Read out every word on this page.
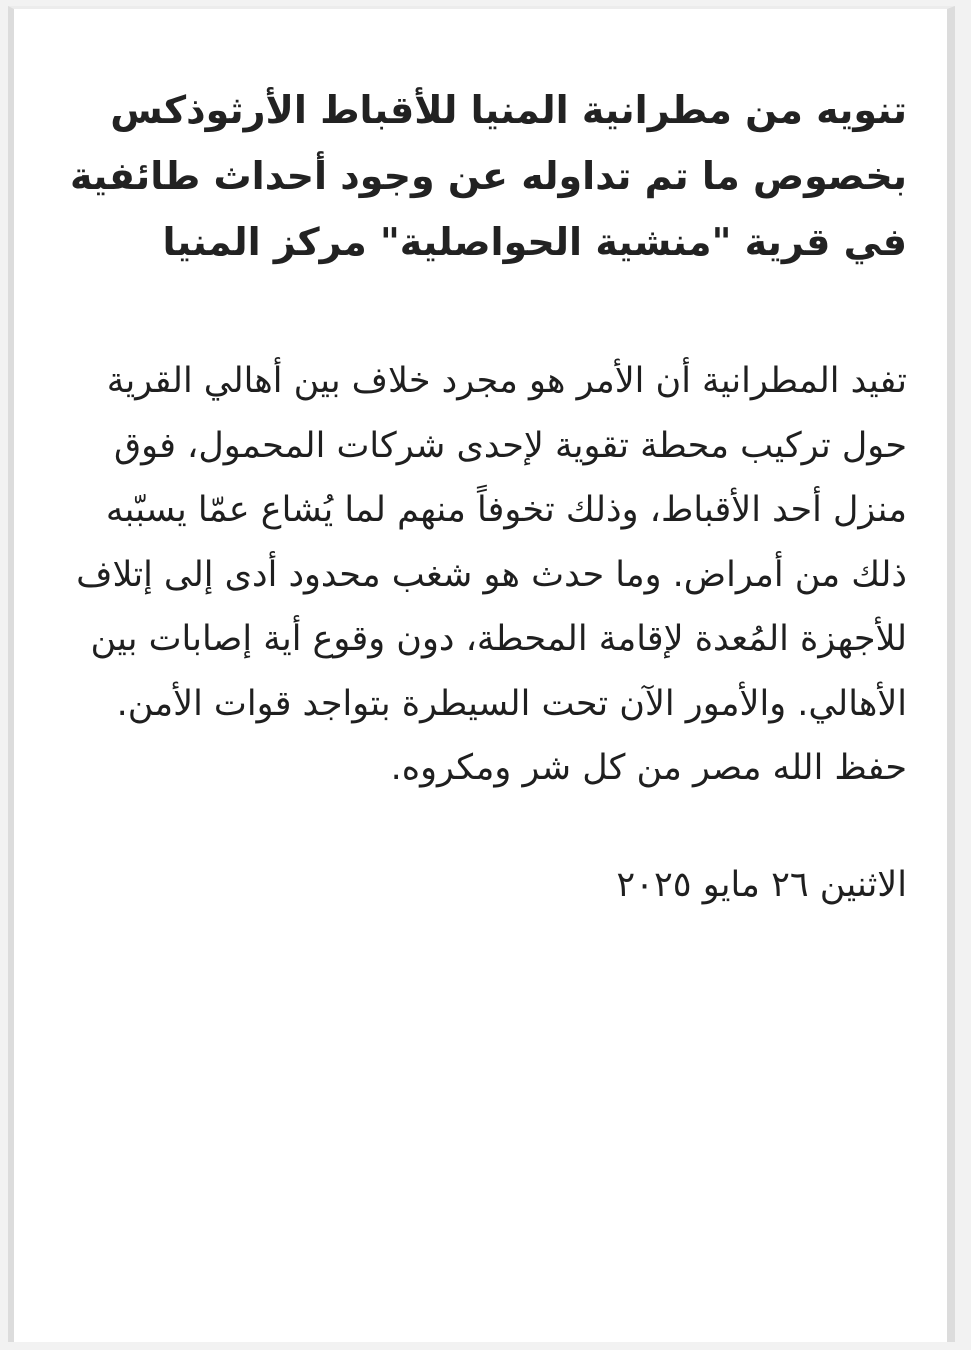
تنويه من مطرانية المنيا للأقباط الأرثوذكس بخصوص ما تم تداوله عن وجود أحداث طائفية في قرية "منشية الحواصلية" مركز المنيا

تفيد المطرانية أن الأمر هو مجرد خلاف بين أهالي القرية حول تركيب محطة تقوية لإحدى شركات المحمول، فوق منزل أحد الأقباط، وذلك تخوفاً منهم لما يُشاع عمّا يسبّبه ذلك من أمراض. وما حدث هو شغب محدود أدى إلى إتلاف للأجهزة المُعدة لإقامة المحطة، دون وقوع أية إصابات بين الأهالي. والأمور الآن تحت السيطرة بتواجد قوات الأمن.

حفظ الله مصر من كل شر ومكروه.

الاثنين ٢٦ مايو ٢٠٢٥
